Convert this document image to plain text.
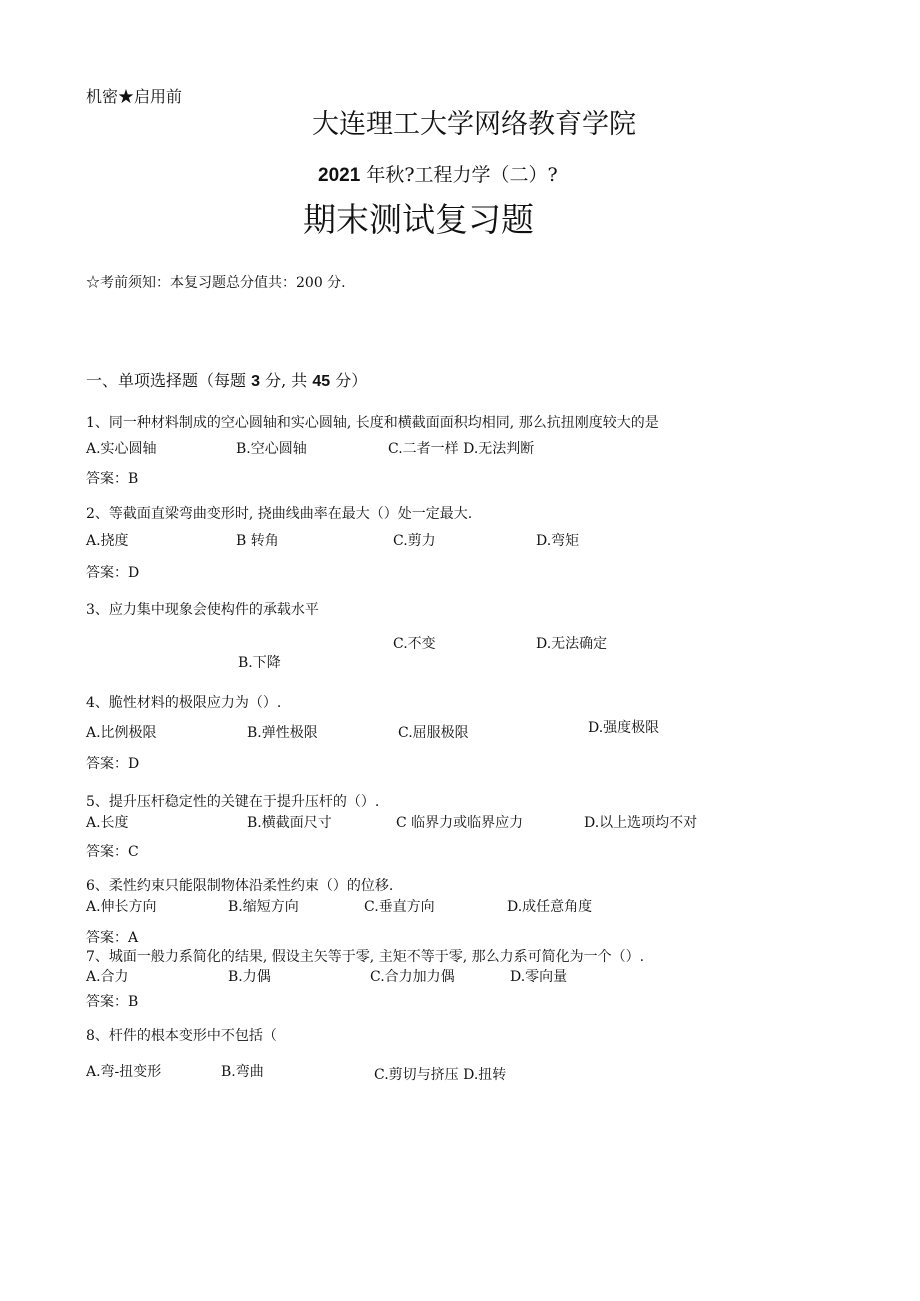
机密★启用前
大连理工大学网络教育学院
2021 年秋?工程力学（二）?
期末测试复习题
☆考前须知：本复习题总分值共：200 分.
一、单项选择题（每题 3 分, 共 45 分）
1、同一种材料制成的空心圆轴和实心圆轴, 长度和横截面面积均相同, 那么抗扭刚度较大的是
A.实心圆轴	B.空心圆轴	C.二者一样 D.无法判断
答案：B
2、等截面直梁弯曲变形时, 挠曲线曲率在最大（）处一定最大.
A.挠度	B 转角	C.剪力	D.弯矩
答案：D
3、应力集中现象会使构件的承载水平
C.不变	D.无法确定
B.下降
4、脆性材料的极限应力为（）.
A.比例极限	B.弹性极限	C.屈服极限	D.强度极限
答案：D
5、提升压杆稳定性的关键在于提升压杆的（）.
A.长度	B.横截面尺寸	C 临界力或临界应力	D.以上选项均不对
答案：C
6、柔性约束只能限制物体沿柔性约束（）的位移.
A.伸长方向	B.缩短方向	C.垂直方向	D.成任意角度
答案：A
7、城面一般力系简化的结果, 假设主矢等于零, 主矩不等于零, 那么力系可简化为一个（）.
A.合力	B.力偶	C.合力加力偶	D.零向量
答案：B
8、杆件的根本变形中不包括（
A.弯-扭变形	B.弯曲	C.剪切与挤压 D.扭转
